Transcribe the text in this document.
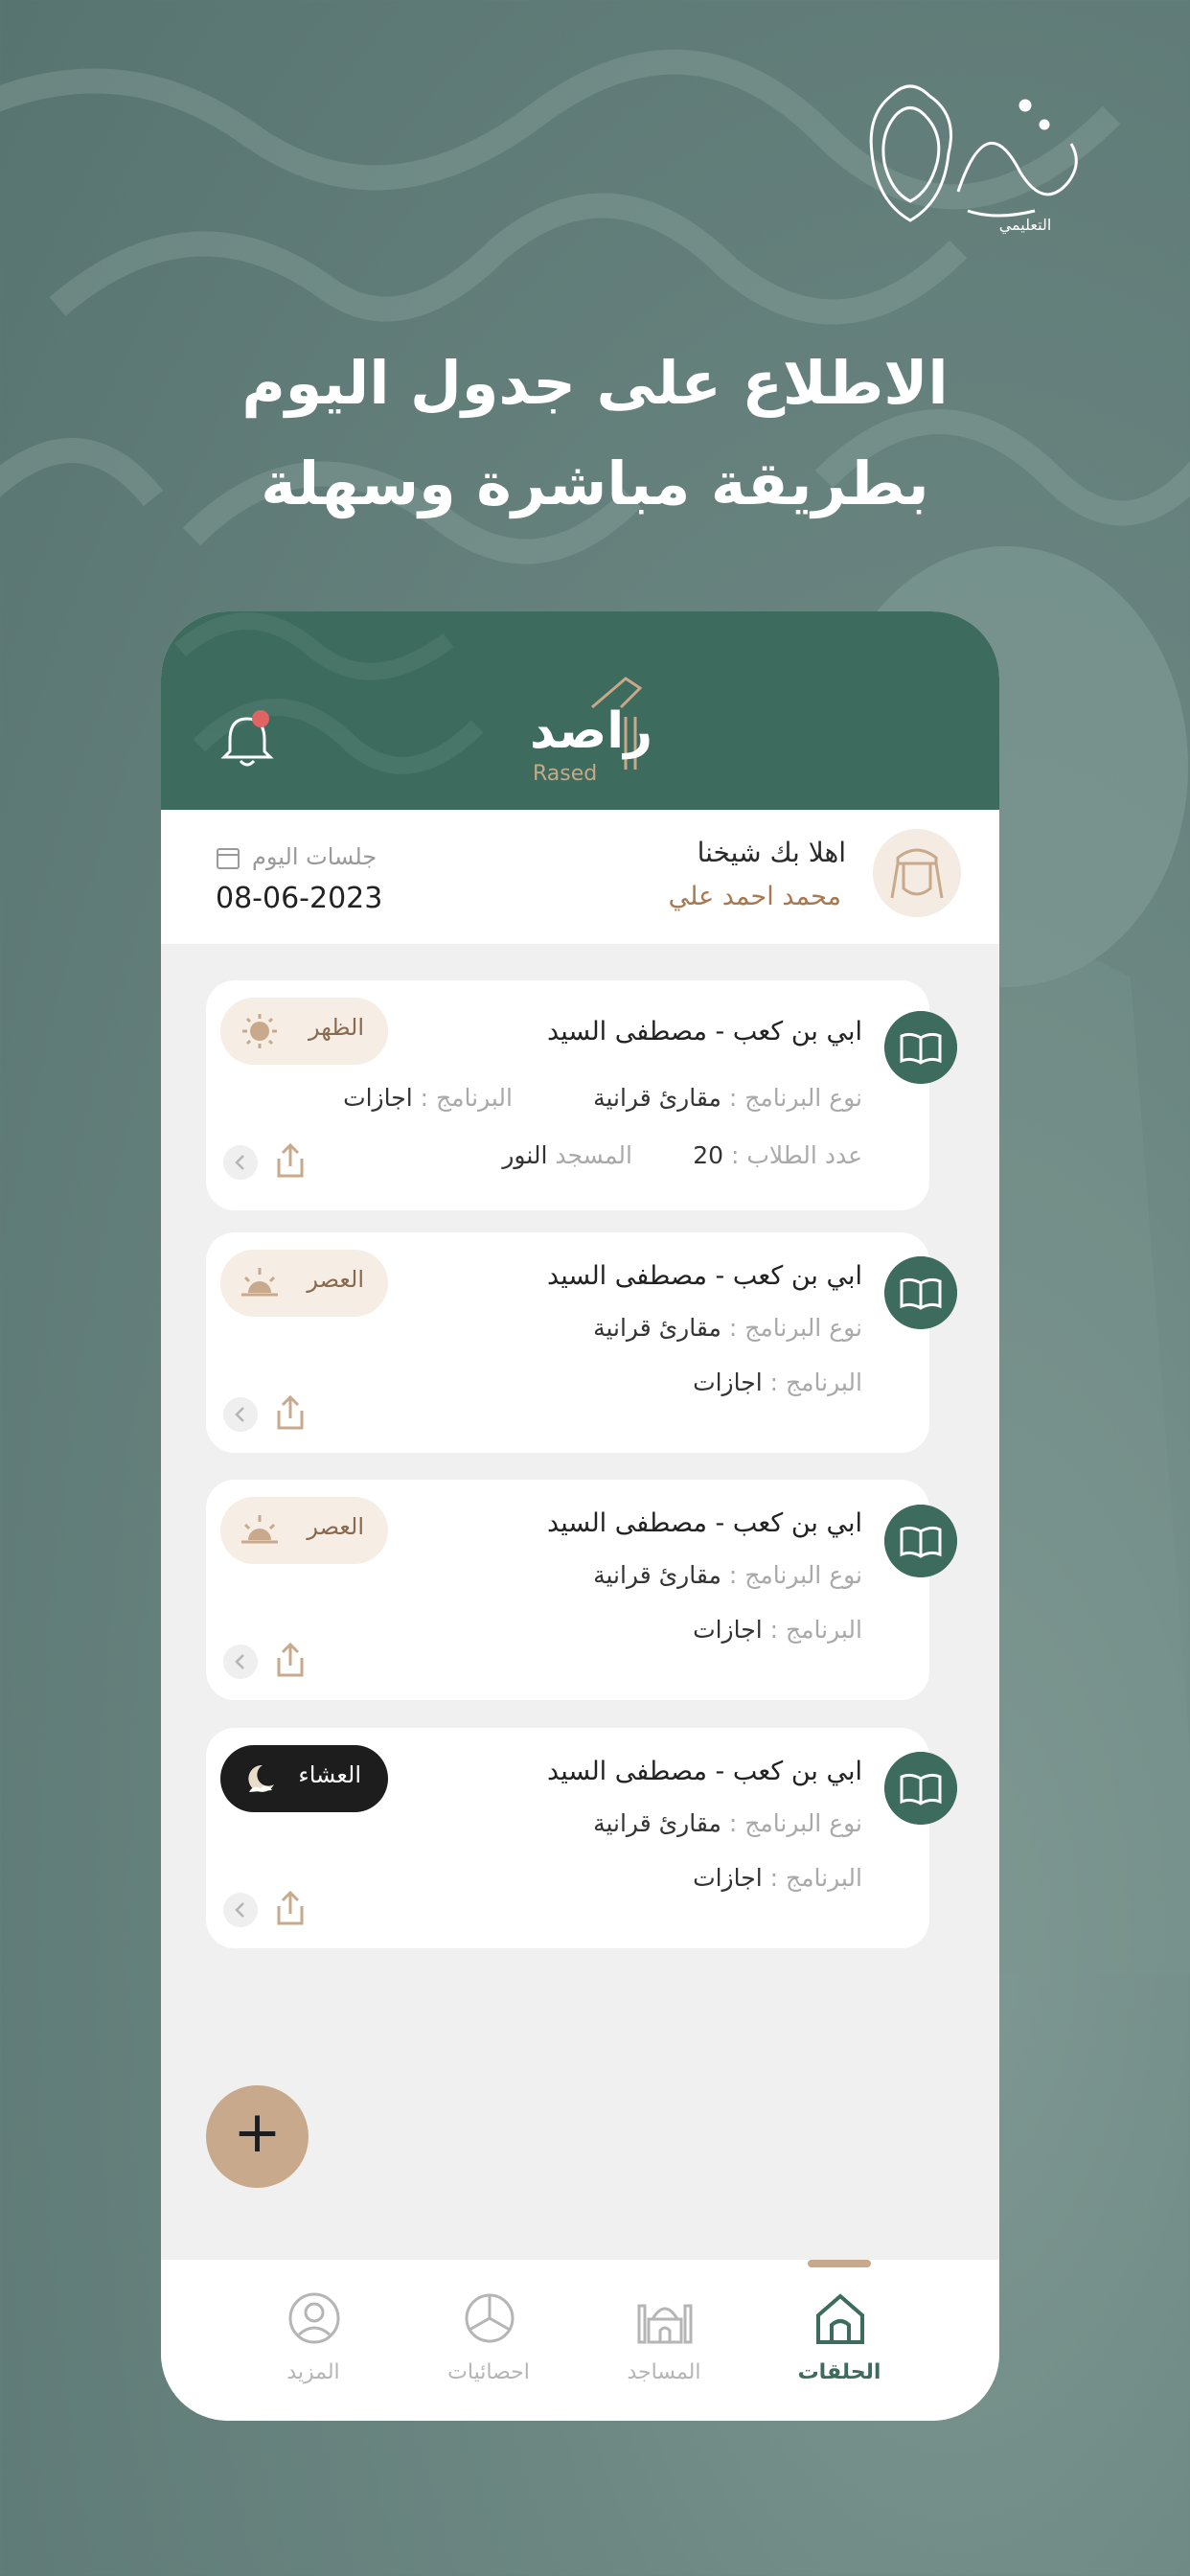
التعليمي
الاطلاع على جدول اليوم
بطريقة مباشرة وسهلة
راصد
Rased
اهلا بك شيخنا
محمد احمد علي
جلسات اليوم
08-06-2023
الظهر	ابي بن كعب - مصطفى السيد
نوع البرنامج : مقارئ قرانية
البرنامج : اجازات
عدد الطلاب : 20
المسجد النور
العصر	ابي بن كعب - مصطفى السيد
نوع البرنامج : مقارئ قرانية
البرنامج : اجازات
العصر	ابي بن كعب - مصطفى السيد
نوع البرنامج : مقارئ قرانية
البرنامج : اجازات
العشاء	ابي بن كعب - مصطفى السيد
نوع البرنامج : مقارئ قرانية
البرنامج : اجازات
+
الحلقات
المساجد
احصائيات
المزيد
